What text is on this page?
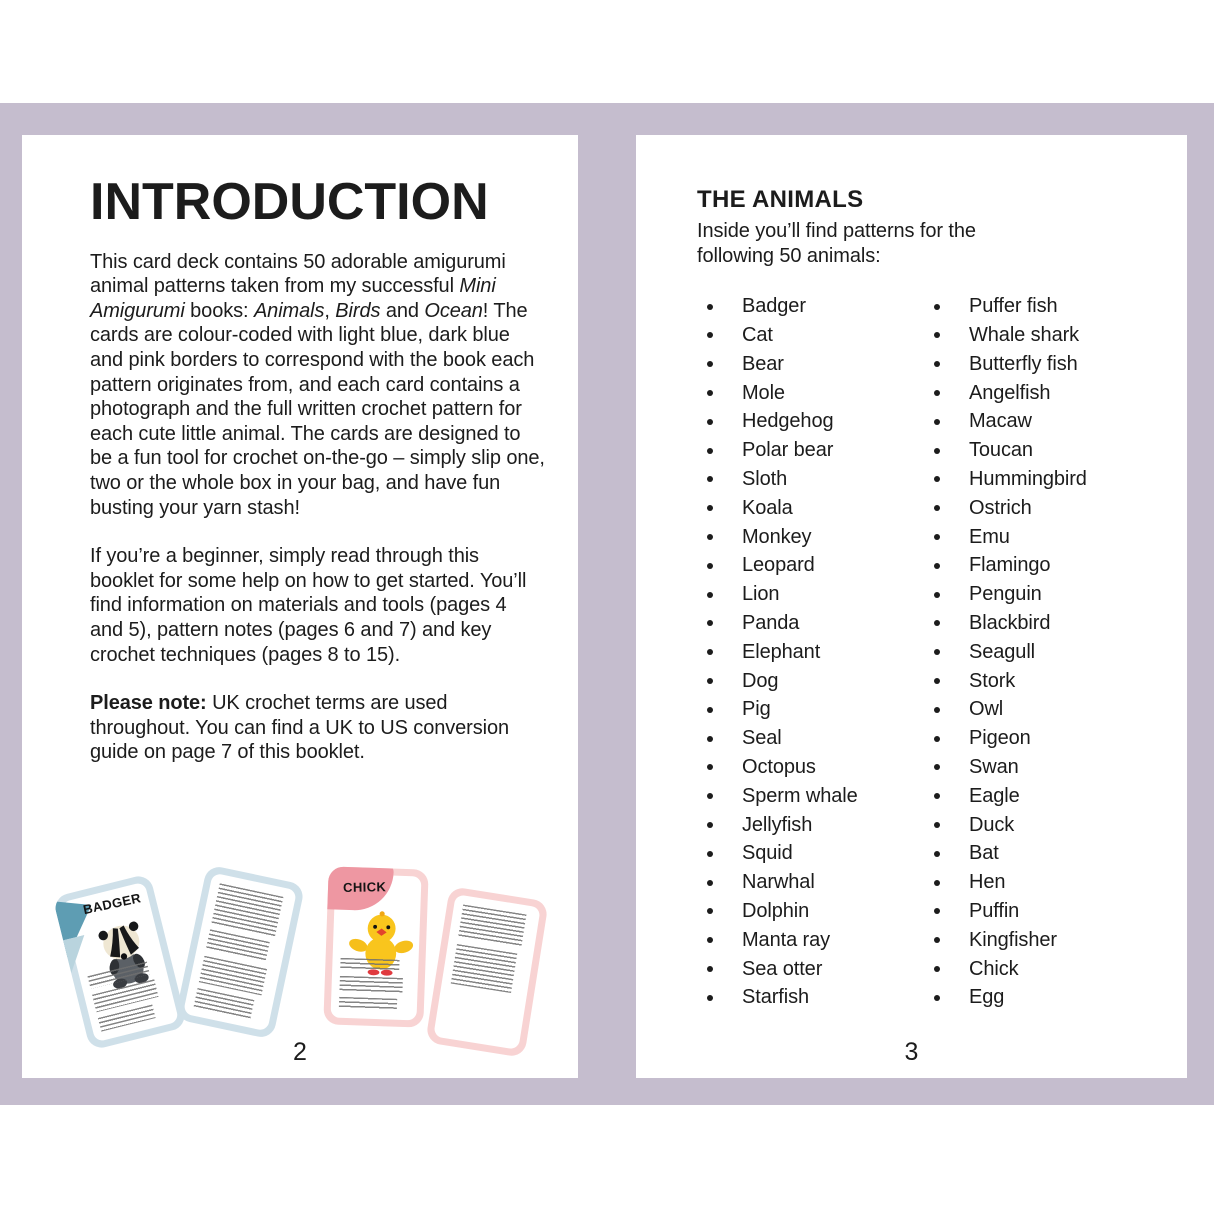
INTRODUCTION

This card deck contains 50 adorable amigurumi animal patterns taken from my successful Mini Amigurumi books: Animals, Birds and Ocean! The cards are colour-coded with light blue, dark blue and pink borders to correspond with the book each pattern originates from, and each card contains a photograph and the full written crochet pattern for each cute little animal. The cards are designed to be a fun tool for crochet on-the-go – simply slip one, two or the whole box in your bag, and have fun busting your yarn stash!

If you’re a beginner, simply read through this booklet for some help on how to get started. You’ll find information on materials and tools (pages 4 and 5), pattern notes (pages 6 and 7) and key crochet techniques (pages 8 to 15).

Please note: UK crochet terms are used throughout. You can find a UK to US conversion guide on page 7 of this booklet.

BADGER
CHICK
2
THE ANIMALS
Inside you’ll find patterns for the
following 50 animals:
Badger
Cat
Bear
Mole
Hedgehog
Polar bear
Sloth
Koala
Monkey
Leopard
Lion
Panda
Elephant
Dog
Pig
Seal
Octopus
Sperm whale
Jellyfish
Squid
Narwhal
Dolphin
Manta ray
Sea otter
Starfish
Puffer fish
Whale shark
Butterfly fish
Angelfish
Macaw
Toucan
Hummingbird
Ostrich
Emu
Flamingo
Penguin
Blackbird
Seagull
Stork
Owl
Pigeon
Swan
Eagle
Duck
Bat
Hen
Puffin
Kingfisher
Chick
Egg
3
